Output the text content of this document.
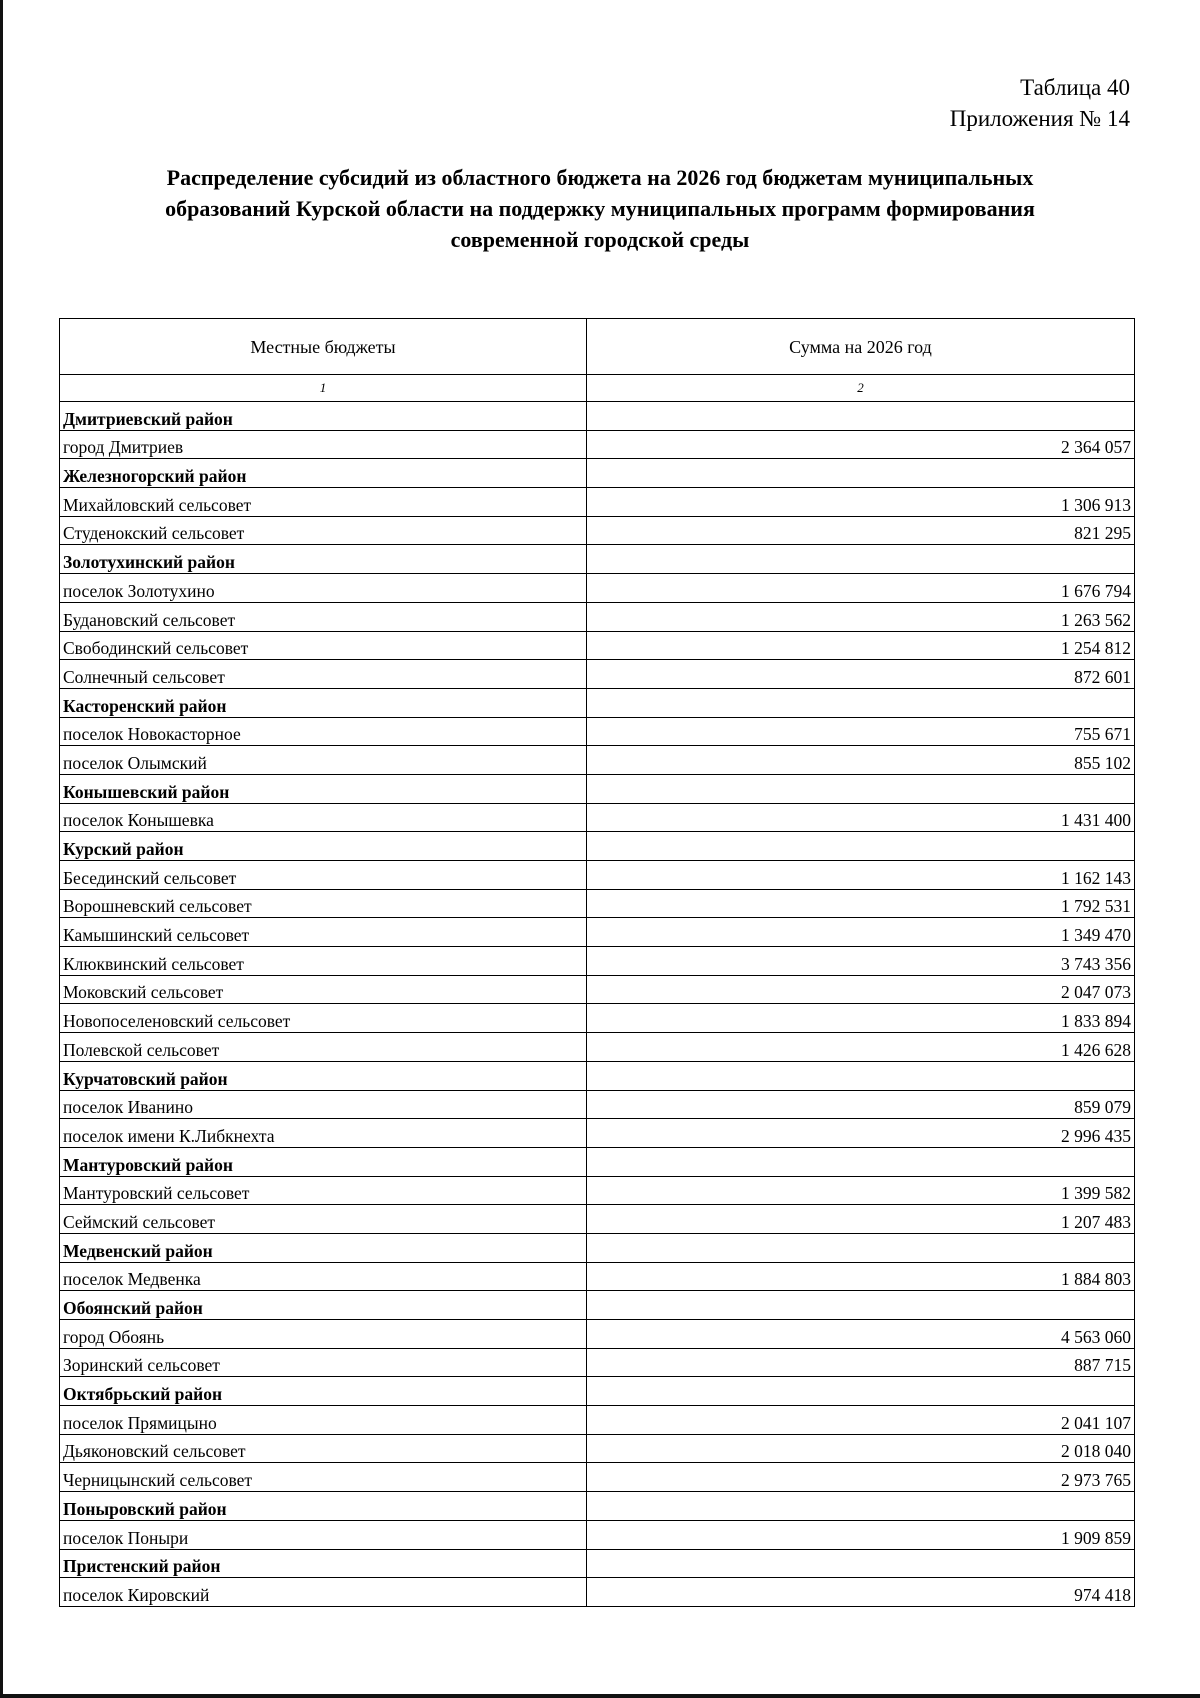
Таблица 40
Приложения № 14
Распределение субсидий из областного бюджета на 2026 год бюджетам муниципальных
образований Курской области на поддержку муниципальных программ формирования
современной городской среды
Местные бюджеты	Сумма на 2026 год
1	2
Дмитриевский район	
город Дмитриев	2 364 057
Железногорский район	
Михайловский сельсовет	1 306 913
Студенокский сельсовет	821 295
Золотухинский район	
поселок Золотухино	1 676 794
Будановский сельсовет	1 263 562
Свободинский сельсовет	1 254 812
Солнечный сельсовет	872 601
Касторенский район	
поселок Новокасторное	755 671
поселок Олымский	855 102
Конышевский район	
поселок Конышевка	1 431 400
Курский район	
Бесединский сельсовет	1 162 143
Ворошневский сельсовет	1 792 531
Камышинский сельсовет	1 349 470
Клюквинский сельсовет	3 743 356
Моковский сельсовет	2 047 073
Новопоселеновский сельсовет	1 833 894
Полевской сельсовет	1 426 628
Курчатовский район	
поселок Иванино	859 079
поселок имени К.Либкнехта	2 996 435
Мантуровский район	
Мантуровский сельсовет	1 399 582
Сеймский сельсовет	1 207 483
Медвенский район	
поселок Медвенка	1 884 803
Обоянский район	
город Обоянь	4 563 060
Зоринский сельсовет	887 715
Октябрьский район	
поселок Прямицыно	2 041 107
Дьяконовский сельсовет	2 018 040
Черницынский сельсовет	2 973 765
Поныровский район	
поселок Поныри	1 909 859
Пристенский район	
поселок Кировский	974 418
